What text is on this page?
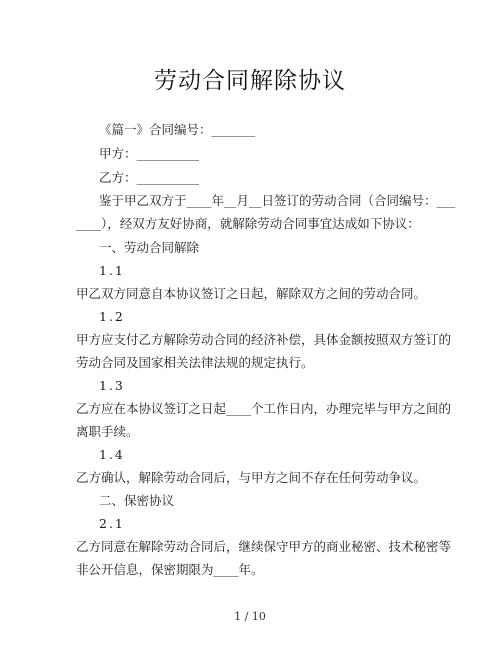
劳动合同解除协议
《篇一》合同编号：_______
甲方：__________
乙方：__________
鉴于甲乙双方于____年__月__日签订的劳动合同（合同编号：___
____），经双方友好协商，就解除劳动合同事宜达成如下协议：
一、劳动合同解除
1.1
甲乙双方同意自本协议签订之日起，解除双方之间的劳动合同。
1.2
甲方应支付乙方解除劳动合同的经济补偿，具体金额按照双方签订的
劳动合同及国家相关法律法规的规定执行。
1.3
乙方应在本协议签订之日起____个工作日内，办理完毕与甲方之间的
离职手续。
1.4
乙方确认，解除劳动合同后，与甲方之间不存在任何劳动争议。
二、保密协议
2.1
乙方同意在解除劳动合同后，继续保守甲方的商业秘密、技术秘密等
非公开信息，保密期限为____年。
1 / 10
